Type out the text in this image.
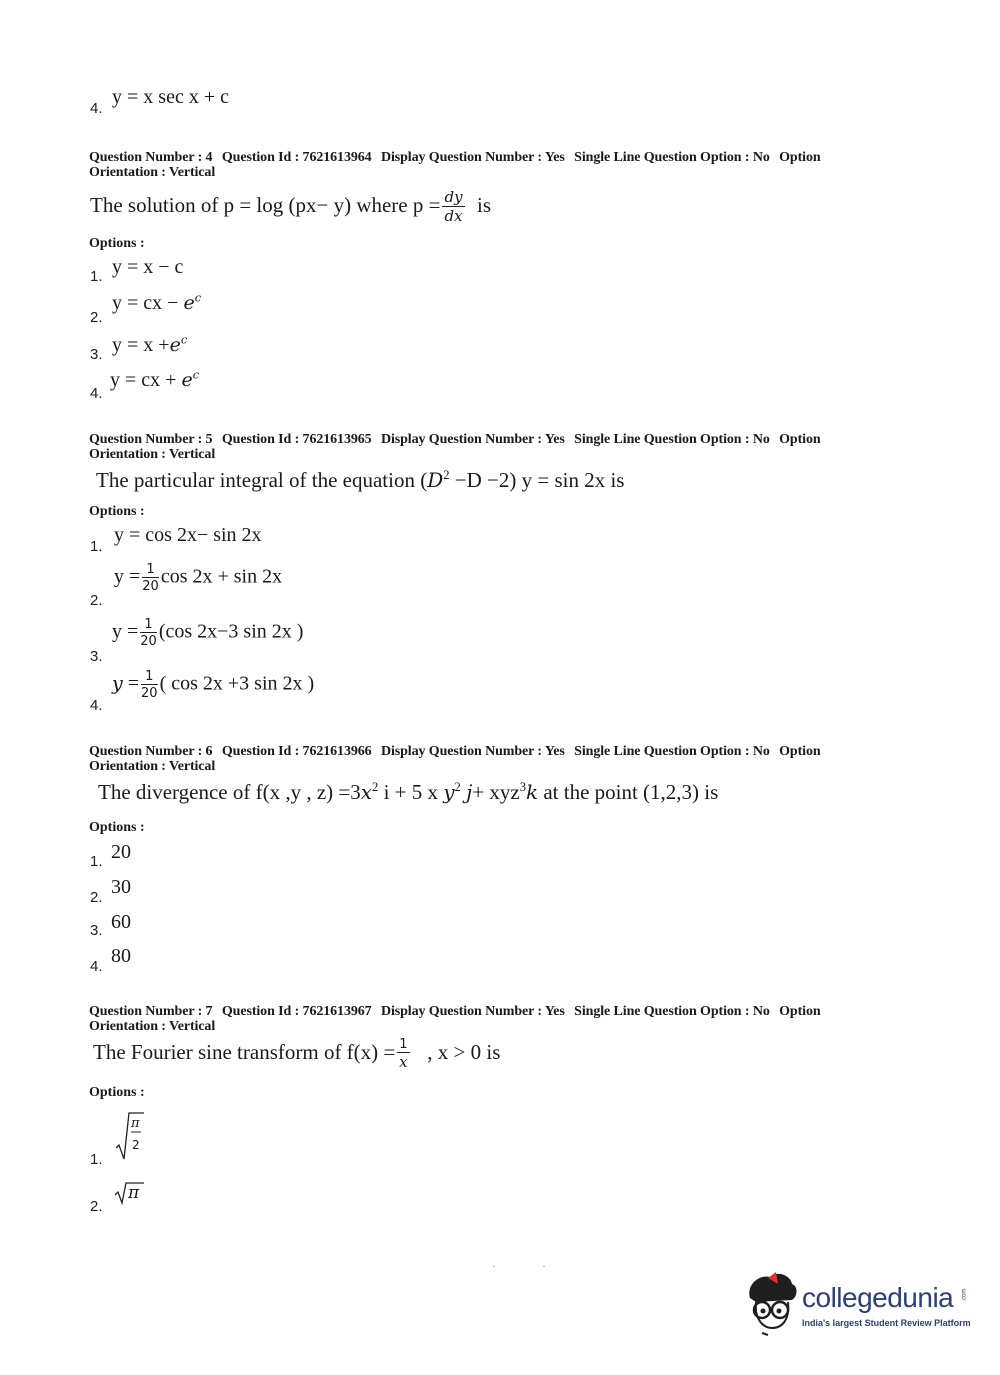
4.
y = x sec x + c
Question Number : 4 Question Id : 7621613964 Display Question Number : Yes Single Line Question Option : No Option
Orientation : Vertical
The solution of p = log (px− y) where $p = \frac{dy}{dx}$ is
Options :
1. y = x − c
2.
y = cx − $e^c$
3. $y = x +e^c$
4.
y = cx + $e^c$
Question Number : 5 Question Id : 7621613965 Display Question Number : Yes Single Line Question Option : No Option
Orientation : Vertical
The particular integral of the equation $(D^2 -D -2) y = \sin 2x$ is
Options :
1.
y = cos 2x− sin 2x
2.
$y = \frac{1}{20}$ cos 2x + sin 2x
3.
$y = \frac{1}{20} (\cos$ 2x−3 sin 2x )
4.
$y = \frac{1}{20}$ ( cos 2x +3 sin 2x )
Question Number : 6 Question Id : 7621613966 Display Question Number : Yes Single Line Question Option : No Option
Orientation : Vertical
The divergence of f(x ,y , $z) =3x^2$ i + 5 x $y^2$ j+ xyz$^3$k at the point (1,2,3) is
Options :
1. 20
2. 30
3. 60
4. 80
Question Number : 7 Question Id : 7621613967 Display Question Number : Yes Single Line Question Option : No Option
Orientation : Vertical
The Fourier sine transform of $f(x) = \frac{1}{x}$ , x > 0 is
Options :
1.
π
2
2.
π
collegedunia .com
India's largest Student Review Platform
